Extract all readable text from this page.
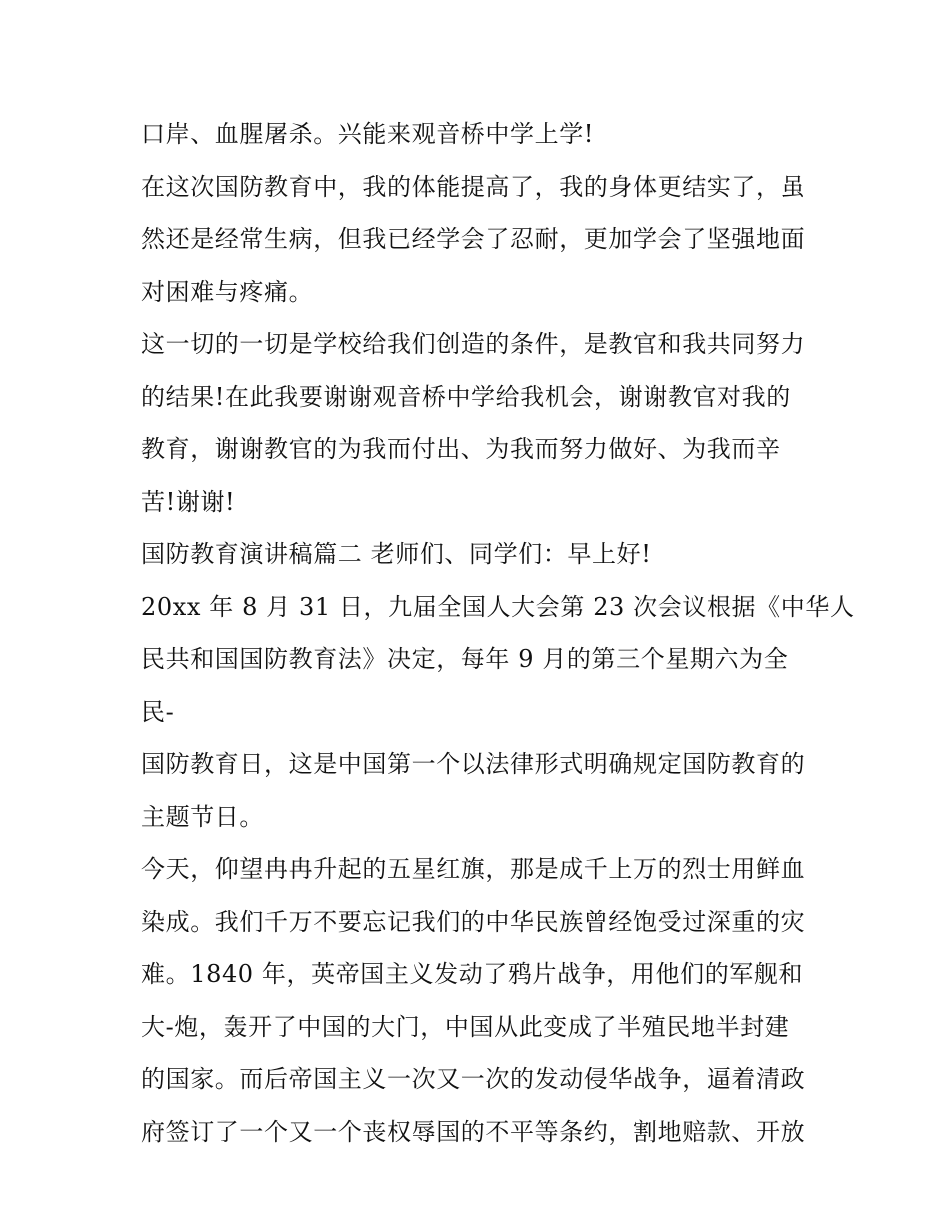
口岸、血腥屠杀。兴能来观音桥中学上学!
在这次国防教育中，我的体能提高了，我的身体更结实了，虽
然还是经常生病，但我已经学会了忍耐，更加学会了坚强地面
对困难与疼痛。
这一切的一切是学校给我们创造的条件，是教官和我共同努力
的结果!在此我要谢谢观音桥中学给我机会，谢谢教官对我的
教育，谢谢教官的为我而付出、为我而努力做好、为我而辛
苦!谢谢!
国防教育演讲稿篇二 老师们、同学们：早上好!
20xx 年 8 月 31 日，九届全国人大会第 23 次会议根据《中华人
民共和国国防教育法》决定，每年 9 月的第三个星期六为全
民-
国防教育日，这是中国第一个以法律形式明确规定国防教育的
主题节日。
今天，仰望冉冉升起的五星红旗，那是成千上万的烈士用鲜血
染成。我们千万不要忘记我们的中华民族曾经饱受过深重的灾
难。1840 年，英帝国主义发动了鸦片战争，用他们的军舰和
大-炮，轰开了中国的大门，中国从此变成了半殖民地半封建
的国家。而后帝国主义一次又一次的发动侵华战争，逼着清政
府签订了一个又一个丧权辱国的不平等条约，割地赔款、开放
